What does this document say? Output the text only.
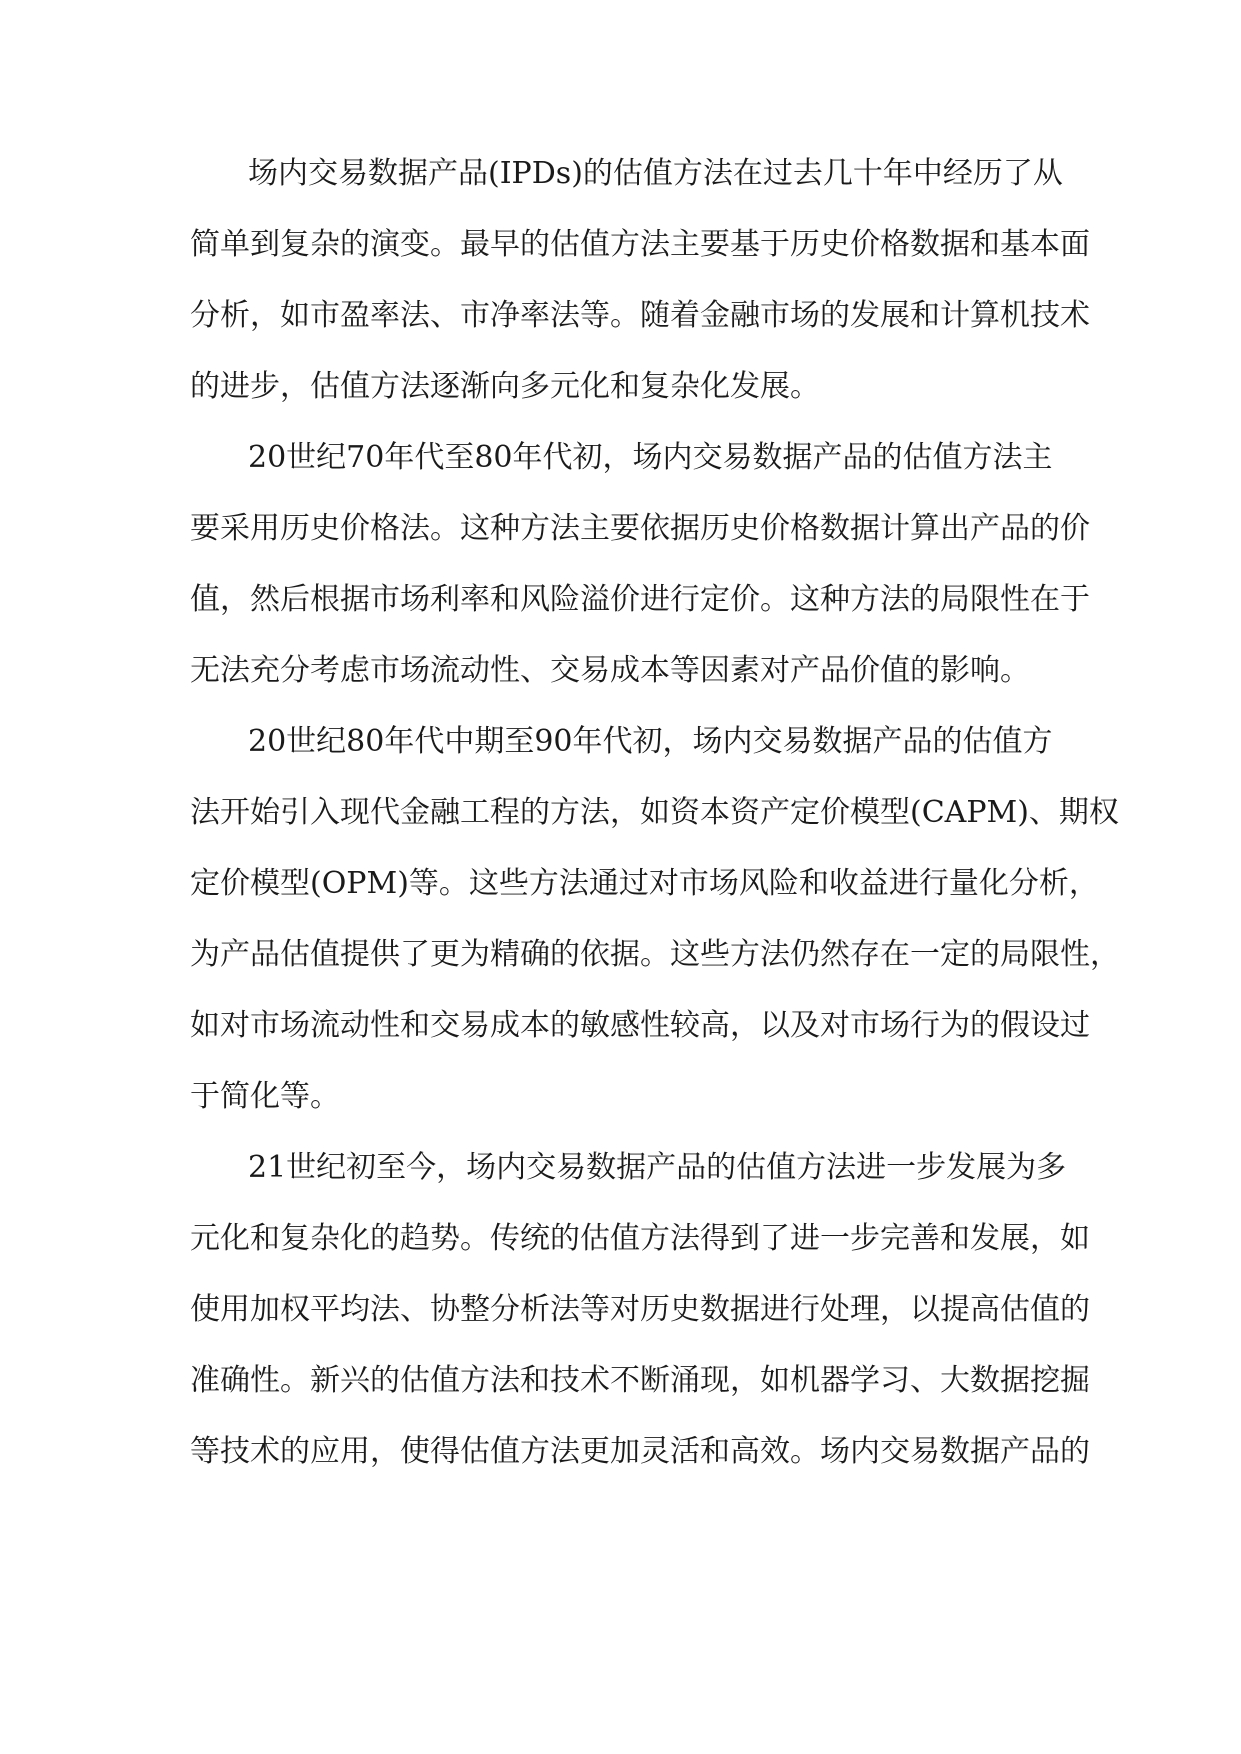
场内交易数据产品(IPDs)的估值方法在过去几十年中经历了从
简单到复杂的演变。最早的估值方法主要基于历史价格数据和基本面
分析，如市盈率法、市净率法等。随着金融市场的发展和计算机技术
的进步，估值方法逐渐向多元化和复杂化发展。
20世纪70年代至80年代初，场内交易数据产品的估值方法主
要采用历史价格法。这种方法主要依据历史价格数据计算出产品的价
值，然后根据市场利率和风险溢价进行定价。这种方法的局限性在于
无法充分考虑市场流动性、交易成本等因素对产品价值的影响。
20世纪80年代中期至90年代初，场内交易数据产品的估值方
法开始引入现代金融工程的方法，如资本资产定价模型(CAPM)、期权
定价模型(OPM)等。这些方法通过对市场风险和收益进行量化分析，
为产品估值提供了更为精确的依据。这些方法仍然存在一定的局限性，
如对市场流动性和交易成本的敏感性较高，以及对市场行为的假设过
于简化等。
21世纪初至今，场内交易数据产品的估值方法进一步发展为多
元化和复杂化的趋势。传统的估值方法得到了进一步完善和发展，如
使用加权平均法、协整分析法等对历史数据进行处理，以提高估值的
准确性。新兴的估值方法和技术不断涌现，如机器学习、大数据挖掘
等技术的应用，使得估值方法更加灵活和高效。场内交易数据产品的
